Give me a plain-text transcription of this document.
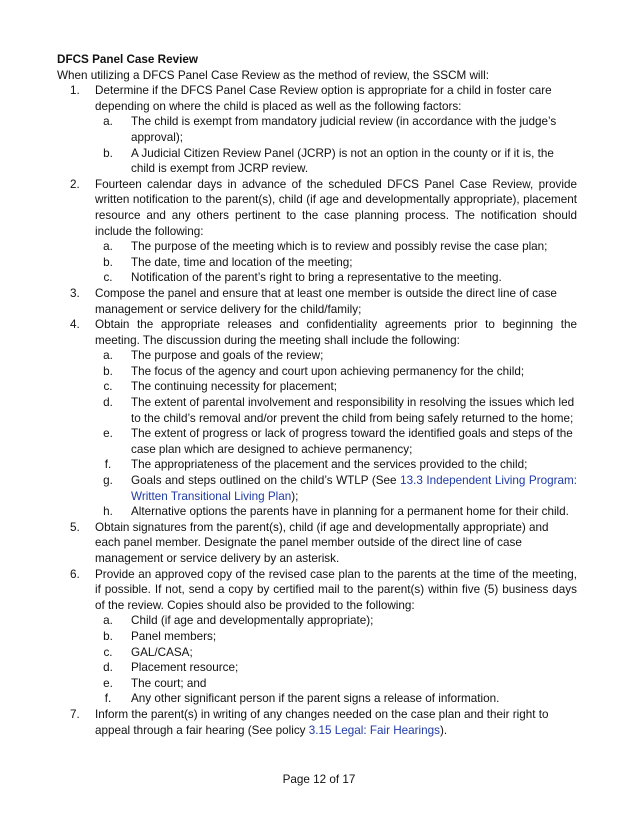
DFCS Panel Case Review
When utilizing a DFCS Panel Case Review as the method of review, the SSCM will:
1. Determine if the DFCS Panel Case Review option is appropriate for a child in foster care depending on where the child is placed as well as the following factors:
a.	The child is exempt from mandatory judicial review (in accordance with the judge’s approval);
b.	A Judicial Citizen Review Panel (JCRP) is not an option in the county or if it is, the child is exempt from JCRP review.
2. Fourteen calendar days in advance of the scheduled DFCS Panel Case Review, provide written notification to the parent(s), child (if age and developmentally appropriate), placement resource and any others pertinent to the case planning process. The notification should include the following:
a.	The purpose of the meeting which is to review and possibly revise the case plan;
b.	The date, time and location of the meeting;
c.	Notification of the parent’s right to bring a representative to the meeting.
3. Compose the panel and ensure that at least one member is outside the direct line of case management or service delivery for the child/family;
4. Obtain the appropriate releases and confidentiality agreements prior to beginning the meeting. The discussion during the meeting shall include the following:
a.	The purpose and goals of the review;
b.	The focus of the agency and court upon achieving permanency for the child;
c.	The continuing necessity for placement;
d.	The extent of parental involvement and responsibility in resolving the issues which led to the child’s removal and/or prevent the child from being safely returned to the home;
e.	The extent of progress or lack of progress toward the identified goals and steps of the case plan which are designed to achieve permanency;
f.	The appropriateness of the placement and the services provided to the child;
g.	Goals and steps outlined on the child’s WTLP (See 13.3 Independent Living Program: Written Transitional Living Plan);
h.	Alternative options the parents have in planning for a permanent home for their child.
5. Obtain signatures from the parent(s), child (if age and developmentally appropriate) and each panel member. Designate the panel member outside of the direct line of case management or service delivery by an asterisk.
6. Provide an approved copy of the revised case plan to the parents at the time of the meeting, if possible. If not, send a copy by certified mail to the parent(s) within five (5) business days of the review. Copies should also be provided to the following:
a.	Child (if age and developmentally appropriate);
b.	Panel members;
c.	GAL/CASA;
d.	Placement resource;
e.	The court; and
f.	Any other significant person if the parent signs a release of information.
7. Inform the parent(s) in writing of any changes needed on the case plan and their right to appeal through a fair hearing (See policy 3.15 Legal: Fair Hearings).
Page 12 of 17
